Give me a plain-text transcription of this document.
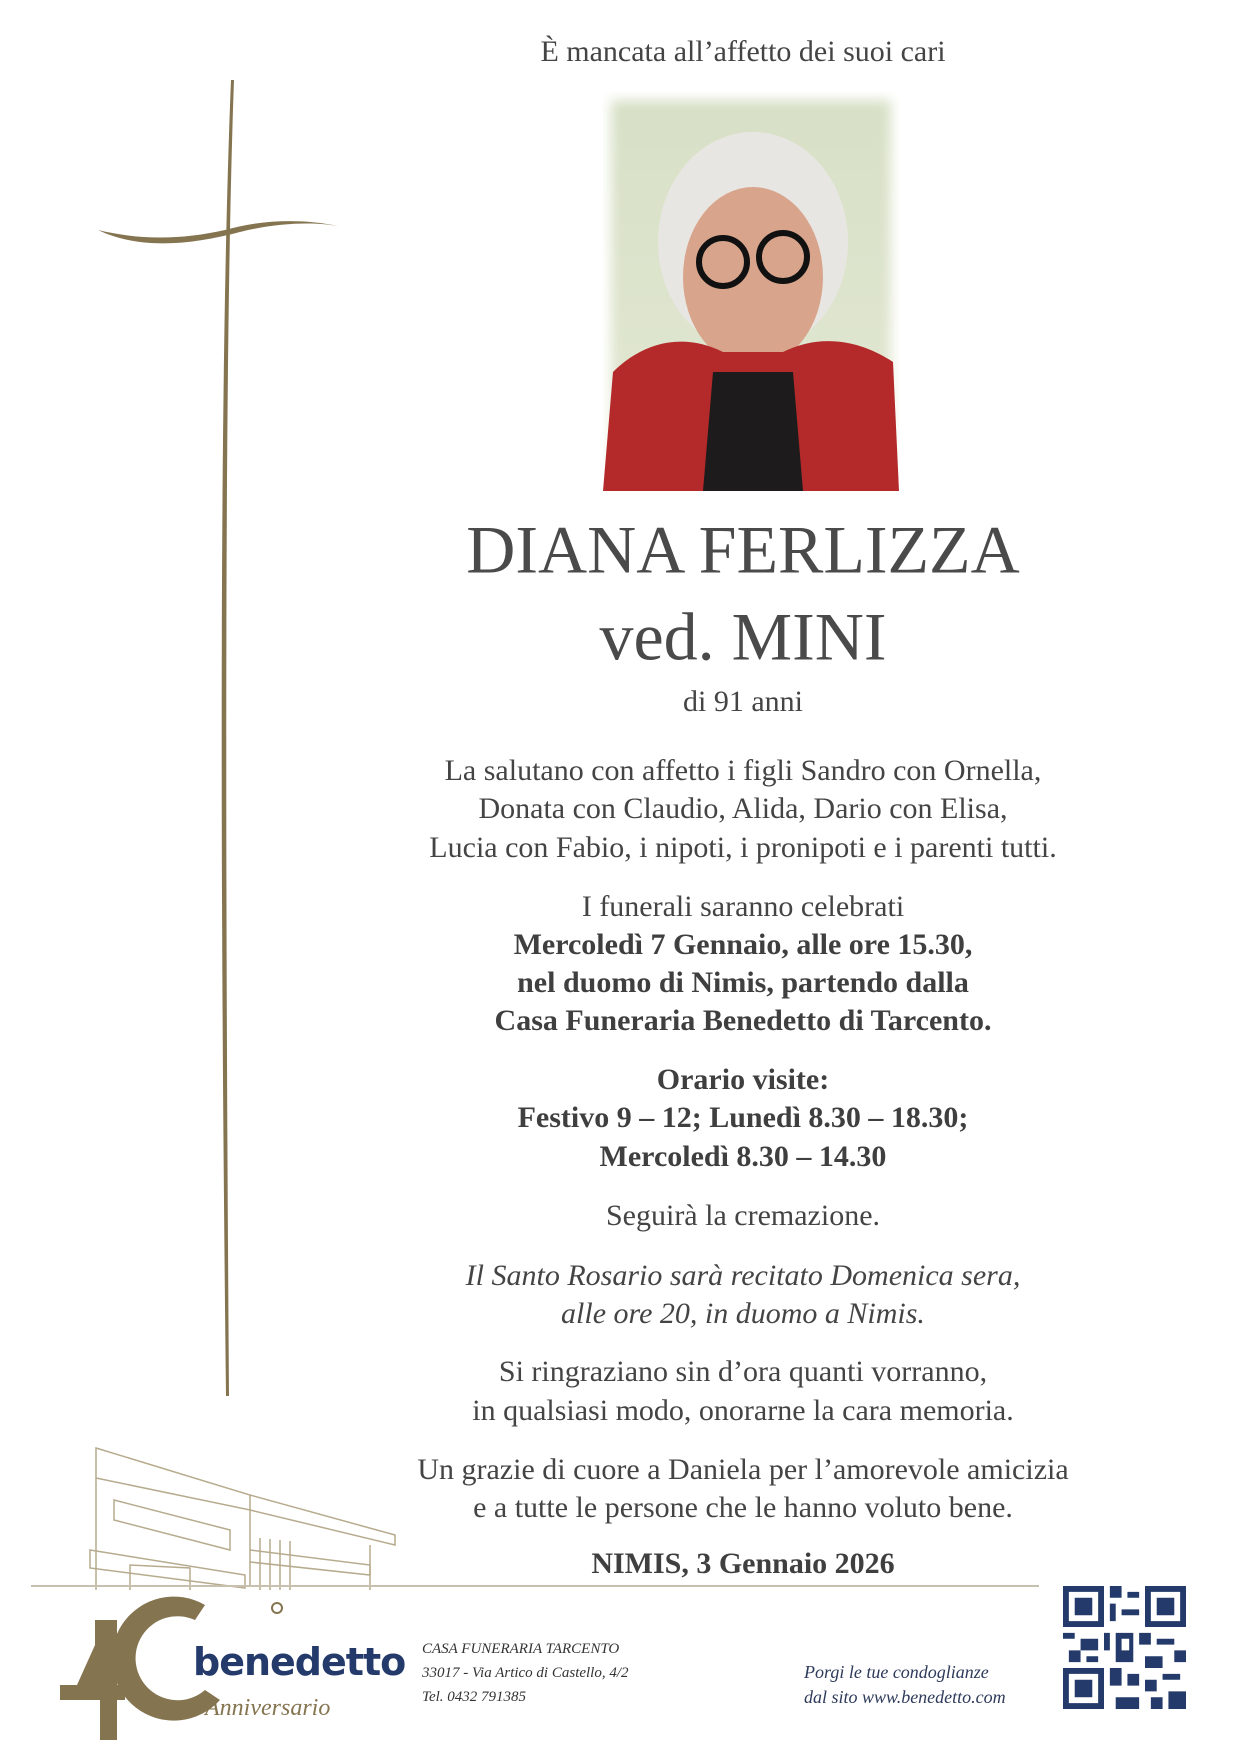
È mancata all’affetto dei suoi cari
DIANA FERLIZZA
ved. MINI
di 91 anni
La salutano con affetto i figli Sandro con Ornella,
Donata con Claudio, Alida, Dario con Elisa,
Lucia con Fabio, i nipoti, i pronipoti e i parenti tutti.
I funerali saranno celebrati
Mercoledì 7 Gennaio, alle ore 15.30,
nel duomo di Nimis, partendo dalla
Casa Funeraria Benedetto di Tarcento.
Orario visite:
Festivo 9 – 12; Lunedì 8.30 – 18.30;
Mercoledì 8.30 – 14.30
Seguirà la cremazione.
Il Santo Rosario sarà recitato Domenica sera,
alle ore 20, in duomo a Nimis.
Si ringraziano sin d’ora quanti vorranno,
in qualsiasi modo, onorarne la cara memoria.
Un grazie di cuore a Daniela per l’amorevole amicizia
e a tutte le persone che le hanno voluto bene.
NIMIS, 3 Gennaio 2026
benedetto
Anniversario
CASA FUNERARIA TARCENTO
33017 - Via Artico di Castello, 4/2
Tel. 0432 791385
Porgi le tue condoglianze
dal sito www.benedetto.com
